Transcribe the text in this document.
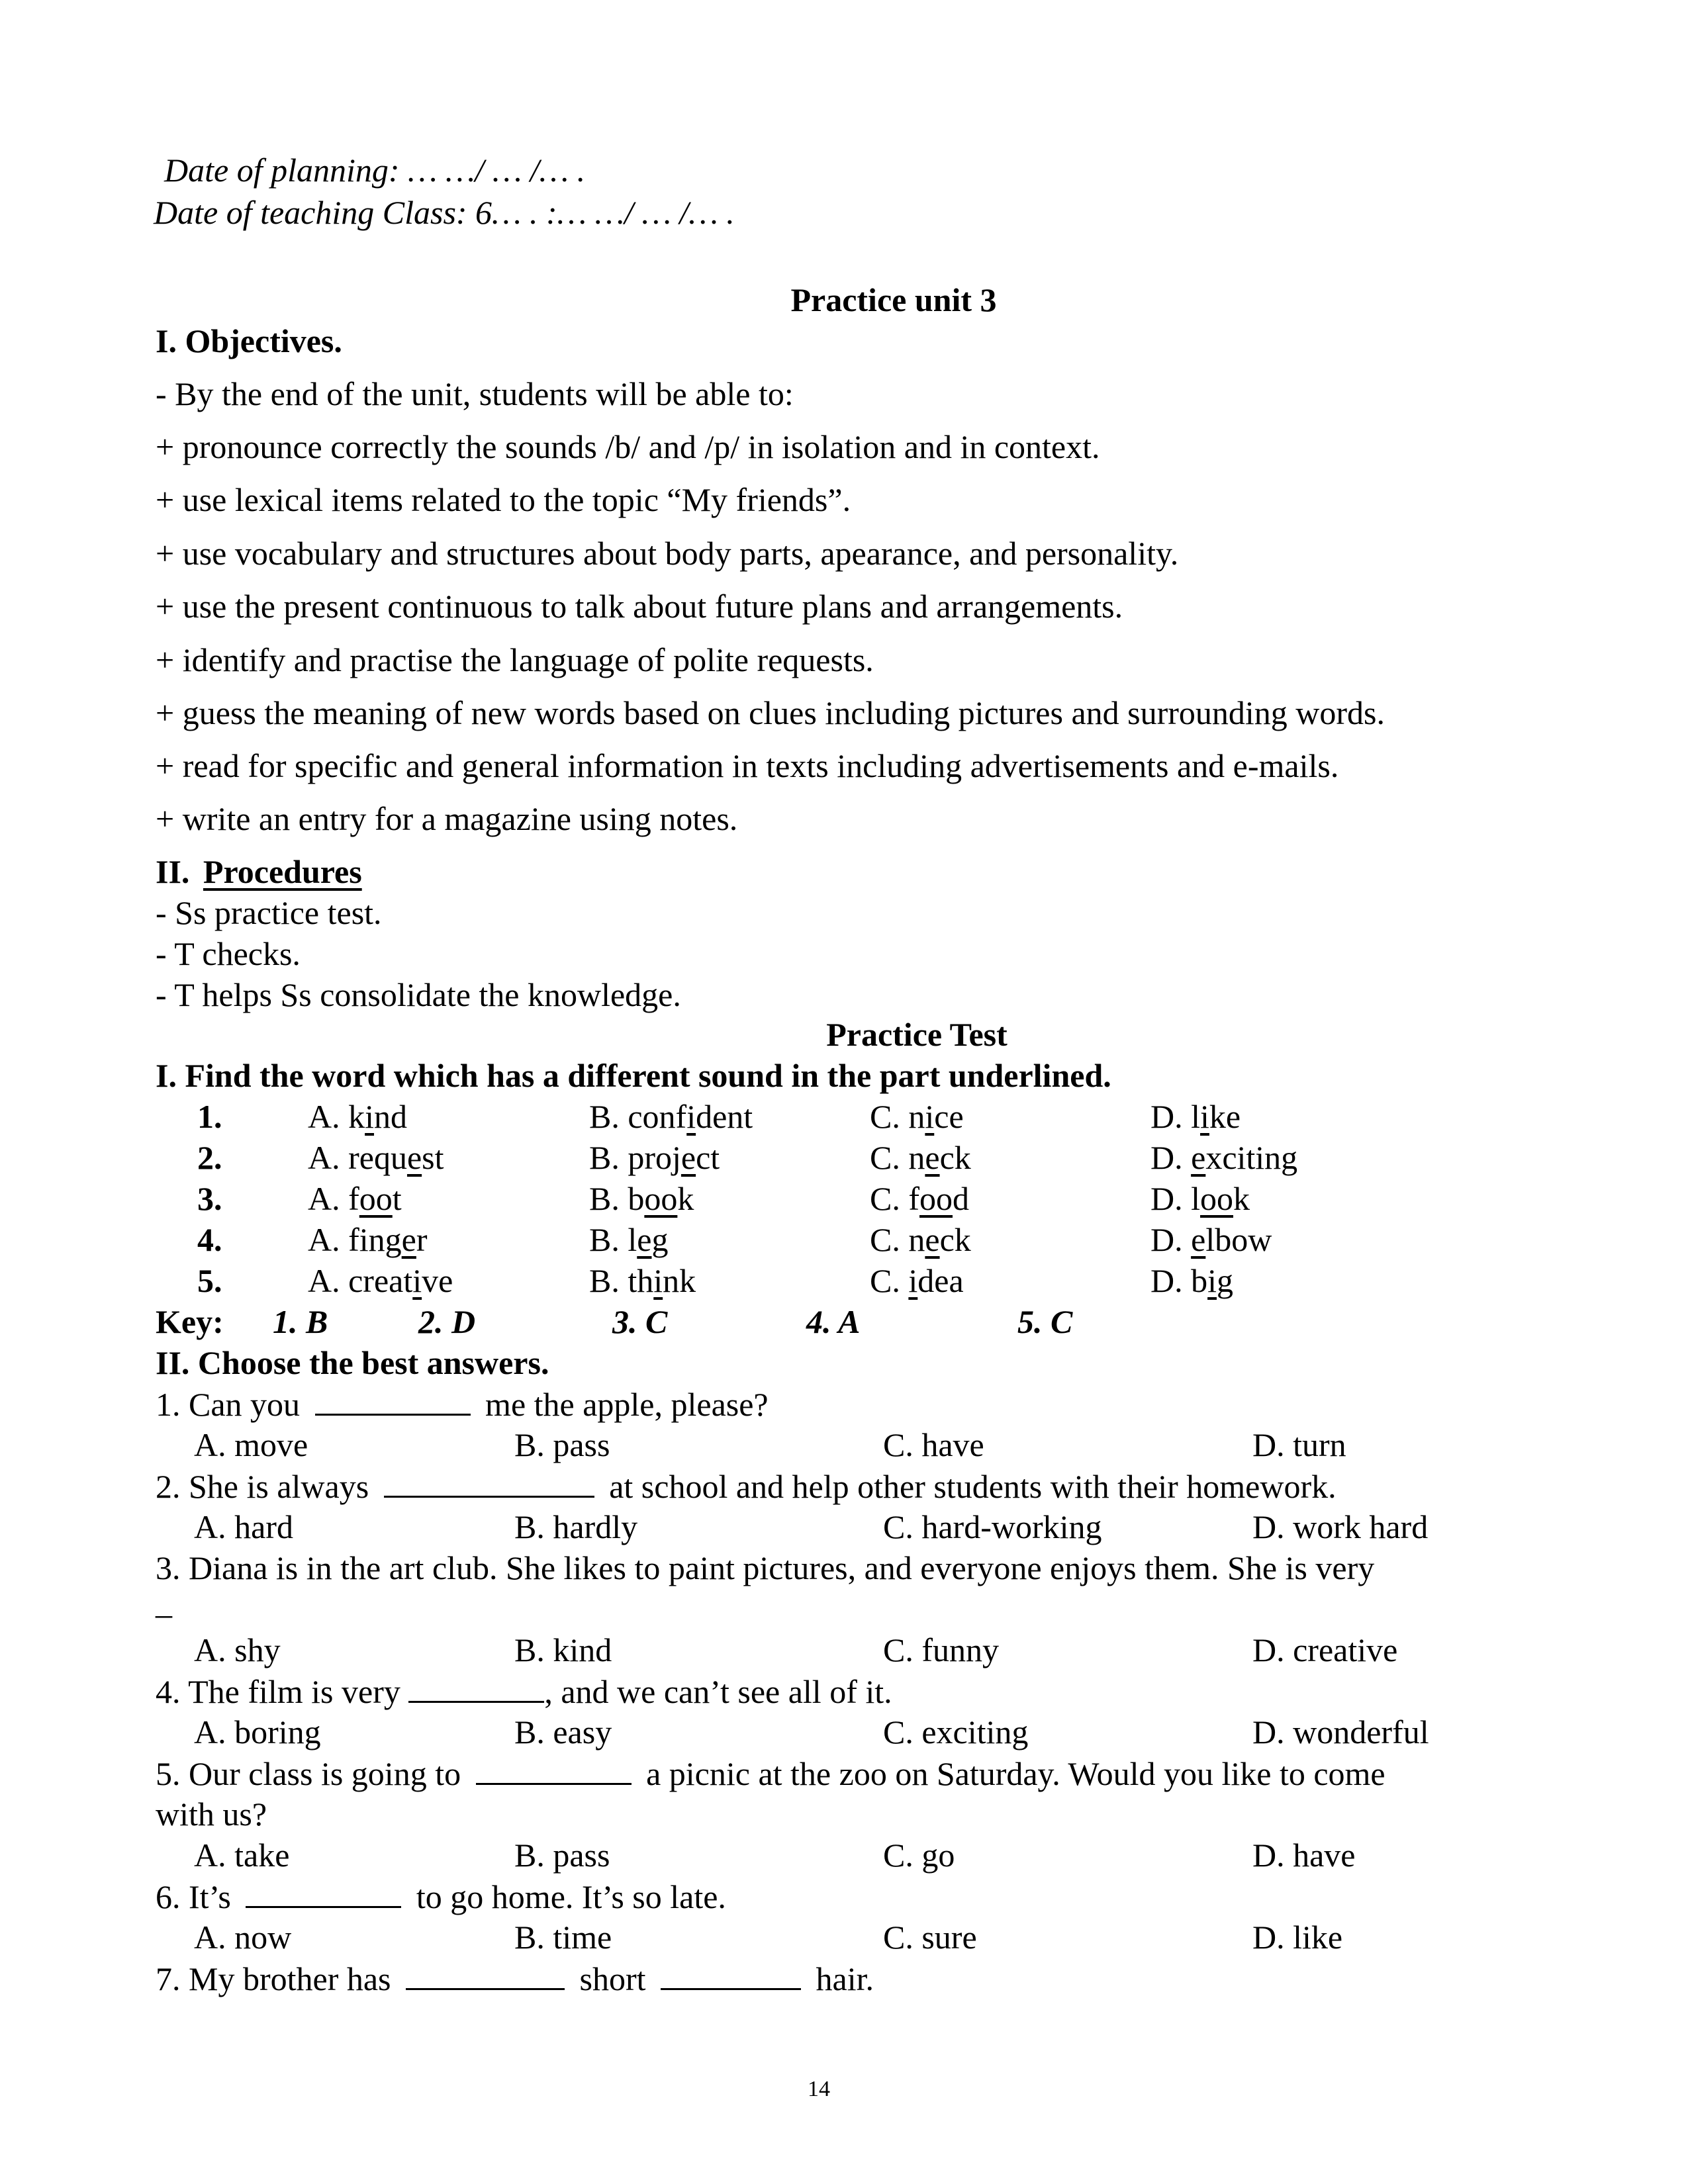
Date of planning: … …/ … /… .
Date of teaching Class: 6… . :… …/ … /… .
Practice unit 3
I. Objectives.
- By the end of the unit, students will be able to:
+ pronounce correctly the sounds /b/ and /p/ in isolation and in context.
+ use lexical items related to the topic “My friends”.
+ use vocabulary and structures about body parts, apearance, and personality.
+ use the present continuous to talk about future plans and arrangements.
+ identify and practise the language of polite requests.
+ guess the meaning of new words based on clues including pictures and surrounding words.
+ read for specific and general information in texts including advertisements and e-mails.
+ write an entry for a magazine using notes.
II. Procedures
- Ss practice test.
- T checks.
- T helps Ss consolidate the knowledge.
Practice Test
I. Find the word which has a different sound in the part underlined.
1.	A. kind	B. confident	C. nice	D. like
2.	A. request	B. project	C. neck	D. exciting
3.	A. foot	B. book	C. food	D. look
4.	A. finger	B. leg	C. neck	D. elbow
5.	A. creative	B. think	C. idea	D. big
Key: 1. B	2. D	3. C	4. A	5. C
II. Choose the best answers.
1. Can you	me the apple, please?
A. move	B. pass	C. have	D. turn
2. She is always	at school and help other students with their homework.
A. hard	B. hardly	C. hard-working	D. work hard
3. Diana is in the art club. She likes to paint pictures, and everyone enjoys them. She is very
_
A. shy	B. kind	C. funny	D. creative
4. The film is very	, and we can’t see all of it.
A. boring	B. easy	C. exciting	D. wonderful
5. Our class is going to	a picnic at the zoo on Saturday. Would you like to come
with us?
A. take	B. pass	C. go	D. have
6. It’s	to go home. It’s so late.
A. now	B. time	C. sure	D. like
7. My brother has	short	hair.
14
